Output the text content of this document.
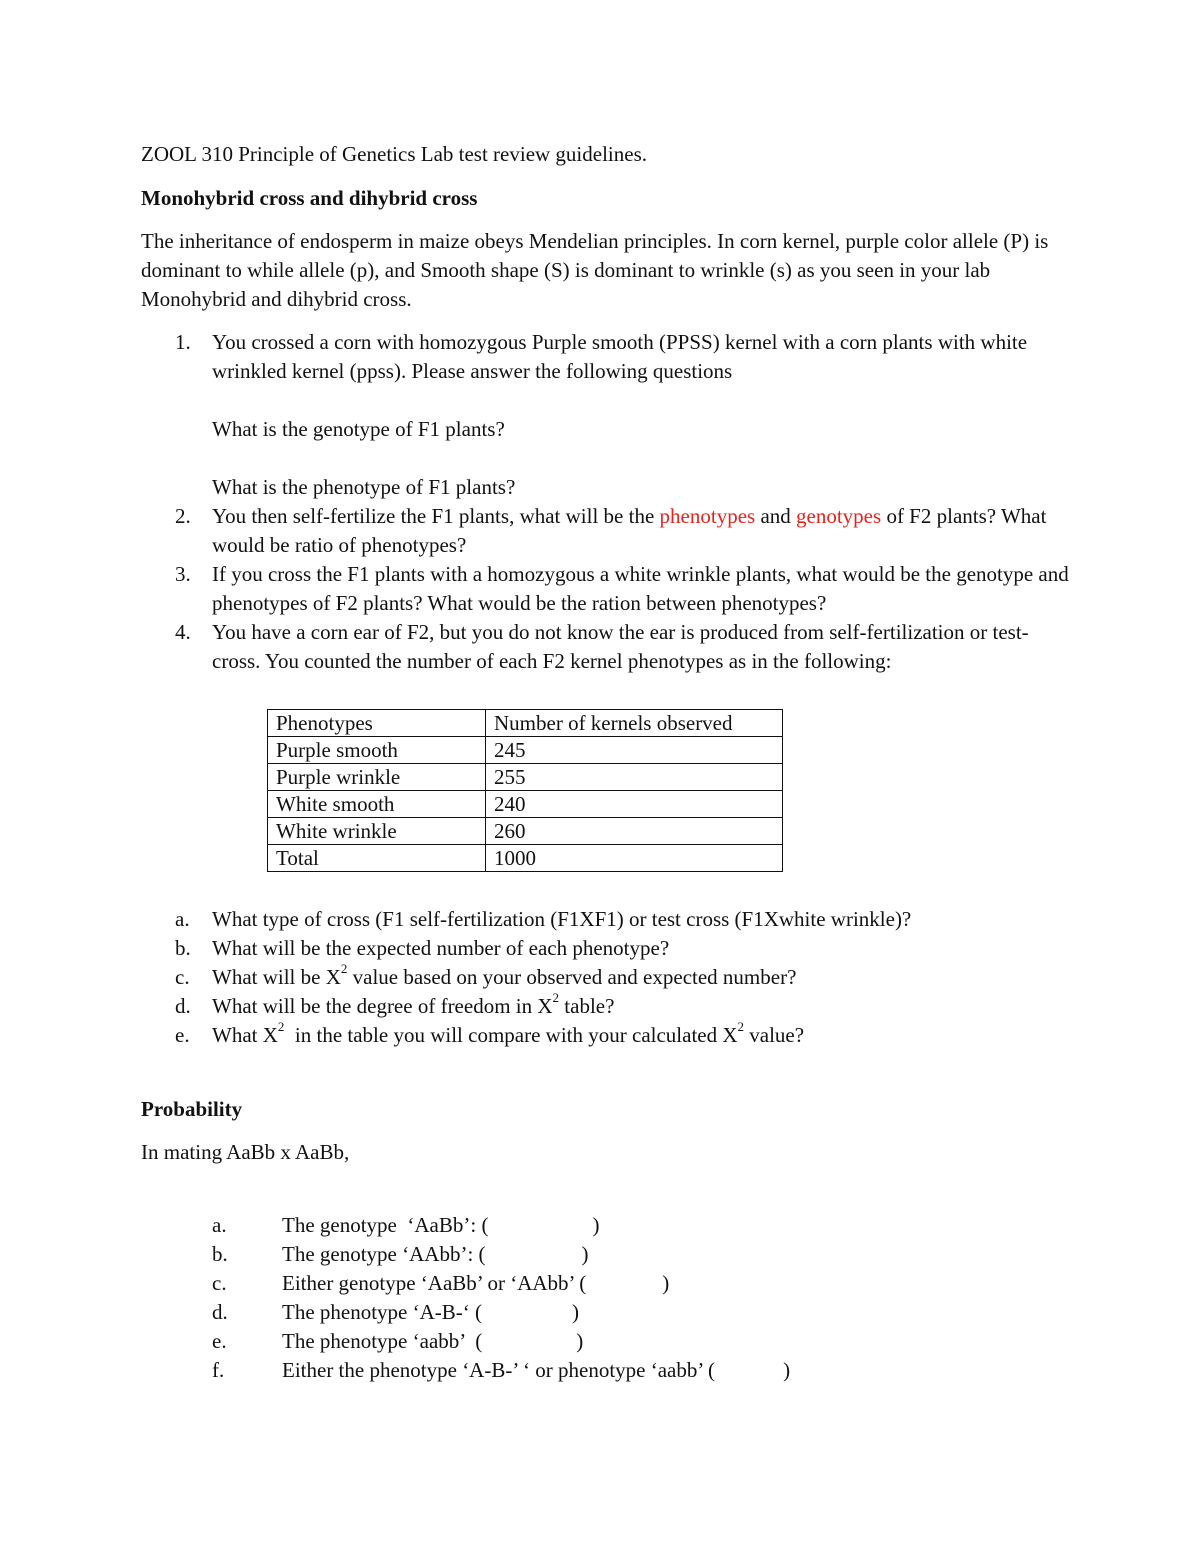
ZOOL 310 Principle of Genetics Lab test review guidelines.

Monohybrid cross and dihybrid cross

The inheritance of endosperm in maize obeys Mendelian principles. In corn kernel, purple color allele (P) is dominant to while allele (p), and Smooth shape (S) is dominant to wrinkle (s) as you seen in your lab Monohybrid and dihybrid cross.

1. You crossed a corn with homozygous Purple smooth (PPSS) kernel with a corn plants with white wrinkled kernel (ppss). Please answer the following questions

What is the genotype of F1 plants?

What is the phenotype of F1 plants?

2. You then self-fertilize the F1 plants, what will be the phenotypes and genotypes of F2 plants? What would be ratio of phenotypes?

3. If you cross the F1 plants with a homozygous a white wrinkle plants, what would be the genotype and phenotypes of F2 plants? What would be the ration between phenotypes?

4. You have a corn ear of F2, but you do not know the ear is produced from self-fertilization or test-cross. You counted the number of each F2 kernel phenotypes as in the following:

Phenotypes	Number of kernels observed
Purple smooth	245
Purple wrinkle	255
White smooth	240
White wrinkle	260
Total	1000
a. What type of cross (F1 self-fertilization (F1XF1) or test cross (F1Xwhite wrinkle)?

b. What will be the expected number of each phenotype?

c. What will be $X^2$ value based on your observed and expected number?

d. What will be the degree of freedom in $X^2$ table?

e. What $X^2$  in the table you will compare with your calculated $X^2$ value?

Probability

In mating AaBb x AaBb,

a.	The genotype  ‘AaBb’: (	)
b.	The genotype ‘AAbb’: (	)
c.	Either genotype ‘AaBb’ or ‘AAbb’ (	)
d.	The phenotype ‘A-B-‘ (	)
e.	The phenotype ‘aabb’  (	)
f.	Either the phenotype ‘A-B-’ ‘ or phenotype ‘aabb’ (	)
